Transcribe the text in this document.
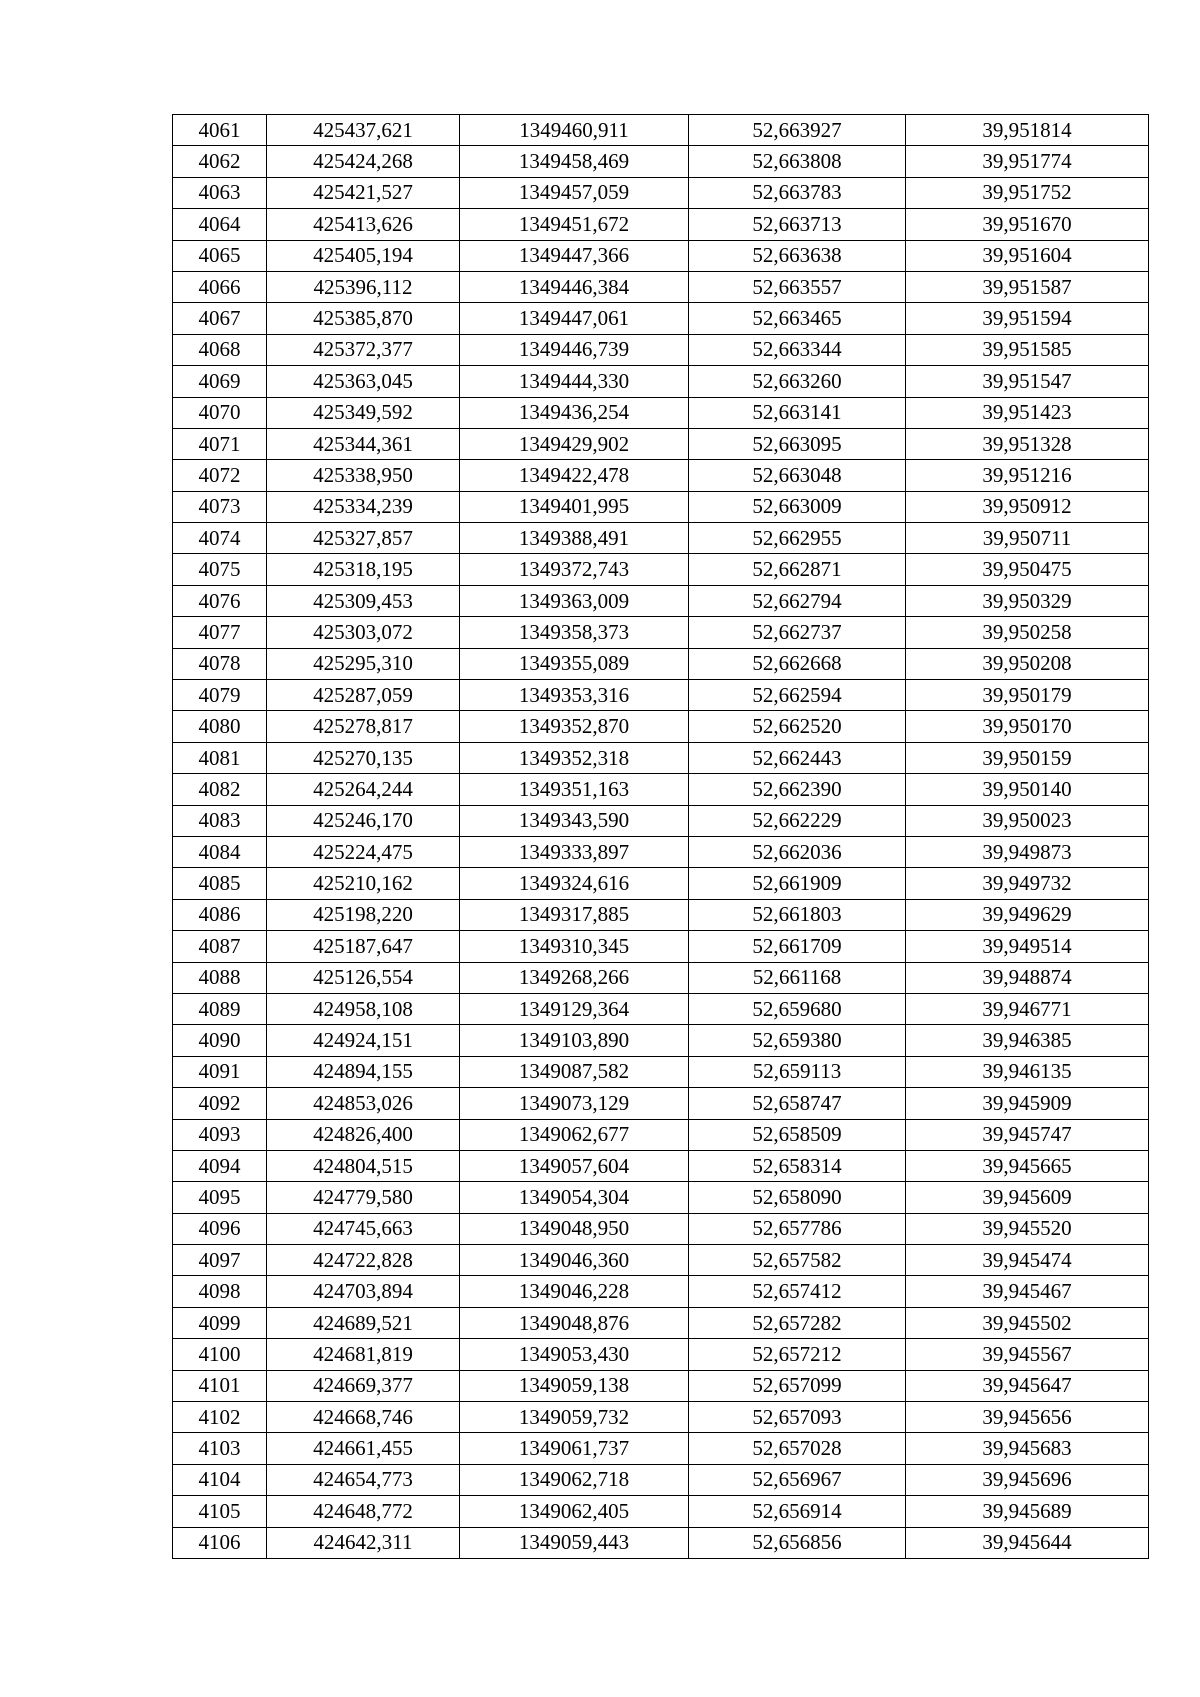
4061	425437,621	1349460,911	52,663927	39,951814
4062	425424,268	1349458,469	52,663808	39,951774
4063	425421,527	1349457,059	52,663783	39,951752
4064	425413,626	1349451,672	52,663713	39,951670
4065	425405,194	1349447,366	52,663638	39,951604
4066	425396,112	1349446,384	52,663557	39,951587
4067	425385,870	1349447,061	52,663465	39,951594
4068	425372,377	1349446,739	52,663344	39,951585
4069	425363,045	1349444,330	52,663260	39,951547
4070	425349,592	1349436,254	52,663141	39,951423
4071	425344,361	1349429,902	52,663095	39,951328
4072	425338,950	1349422,478	52,663048	39,951216
4073	425334,239	1349401,995	52,663009	39,950912
4074	425327,857	1349388,491	52,662955	39,950711
4075	425318,195	1349372,743	52,662871	39,950475
4076	425309,453	1349363,009	52,662794	39,950329
4077	425303,072	1349358,373	52,662737	39,950258
4078	425295,310	1349355,089	52,662668	39,950208
4079	425287,059	1349353,316	52,662594	39,950179
4080	425278,817	1349352,870	52,662520	39,950170
4081	425270,135	1349352,318	52,662443	39,950159
4082	425264,244	1349351,163	52,662390	39,950140
4083	425246,170	1349343,590	52,662229	39,950023
4084	425224,475	1349333,897	52,662036	39,949873
4085	425210,162	1349324,616	52,661909	39,949732
4086	425198,220	1349317,885	52,661803	39,949629
4087	425187,647	1349310,345	52,661709	39,949514
4088	425126,554	1349268,266	52,661168	39,948874
4089	424958,108	1349129,364	52,659680	39,946771
4090	424924,151	1349103,890	52,659380	39,946385
4091	424894,155	1349087,582	52,659113	39,946135
4092	424853,026	1349073,129	52,658747	39,945909
4093	424826,400	1349062,677	52,658509	39,945747
4094	424804,515	1349057,604	52,658314	39,945665
4095	424779,580	1349054,304	52,658090	39,945609
4096	424745,663	1349048,950	52,657786	39,945520
4097	424722,828	1349046,360	52,657582	39,945474
4098	424703,894	1349046,228	52,657412	39,945467
4099	424689,521	1349048,876	52,657282	39,945502
4100	424681,819	1349053,430	52,657212	39,945567
4101	424669,377	1349059,138	52,657099	39,945647
4102	424668,746	1349059,732	52,657093	39,945656
4103	424661,455	1349061,737	52,657028	39,945683
4104	424654,773	1349062,718	52,656967	39,945696
4105	424648,772	1349062,405	52,656914	39,945689
4106	424642,311	1349059,443	52,656856	39,945644
